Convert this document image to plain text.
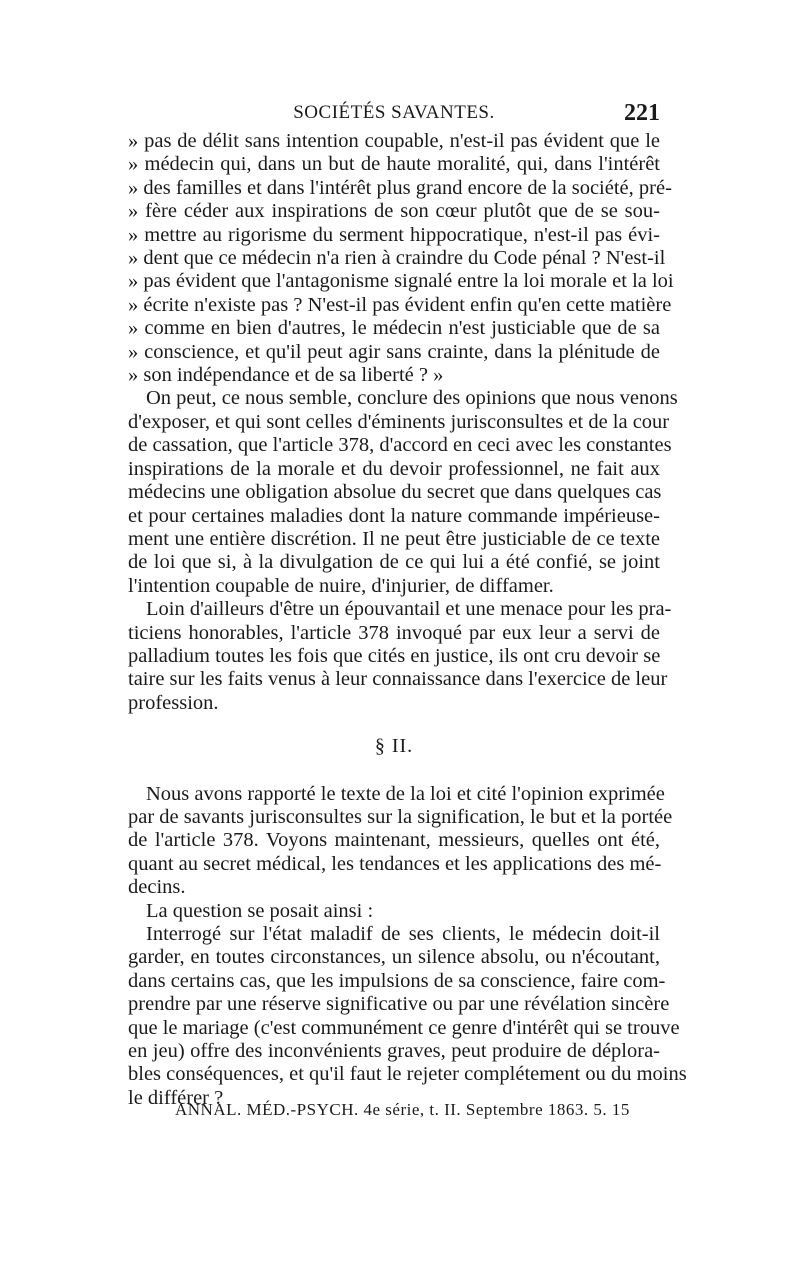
SOCIÉTÉS SAVANTES.	221
» pas de délit sans intention coupable, n'est-il pas évident que le
» médecin qui, dans un but de haute moralité, qui, dans l'intérêt
» des familles et dans l'intérêt plus grand encore de la société, pré-
» fère céder aux inspirations de son cœur plutôt que de se sou-
» mettre au rigorisme du serment hippocratique, n'est-il pas évi-
» dent que ce médecin n'a rien à craindre du Code pénal ? N'est-il
» pas évident que l'antagonisme signalé entre la loi morale et la loi
» écrite n'existe pas ? N'est-il pas évident enfin qu'en cette matière
» comme en bien d'autres, le médecin n'est justiciable que de sa
» conscience, et qu'il peut agir sans crainte, dans la plénitude de
» son indépendance et de sa liberté ? »
On peut, ce nous semble, conclure des opinions que nous venons
d'exposer, et qui sont celles d'éminents jurisconsultes et de la cour
de cassation, que l'article 378, d'accord en ceci avec les constantes
inspirations de la morale et du devoir professionnel, ne fait aux
médecins une obligation absolue du secret que dans quelques cas
et pour certaines maladies dont la nature commande impérieuse-
ment une entière discrétion. Il ne peut être justiciable de ce texte
de loi que si, à la divulgation de ce qui lui a été confié, se joint
l'intention coupable de nuire, d'injurier, de diffamer.
Loin d'ailleurs d'être un épouvantail et une menace pour les pra-
ticiens honorables, l'article 378 invoqué par eux leur a servi de
palladium toutes les fois que cités en justice, ils ont cru devoir se
taire sur les faits venus à leur connaissance dans l'exercice de leur
profession.
§ II.
Nous avons rapporté le texte de la loi et cité l'opinion exprimée
par de savants jurisconsultes sur la signification, le but et la portée
de l'article 378. Voyons maintenant, messieurs, quelles ont été,
quant au secret médical, les tendances et les applications des mé-
decins.
La question se posait ainsi :
Interrogé sur l'état maladif de ses clients, le médecin doit-il
garder, en toutes circonstances, un silence absolu, ou n'écoutant,
dans certains cas, que les impulsions de sa conscience, faire com-
prendre par une réserve significative ou par une révélation sincère
que le mariage (c'est communément ce genre d'intérêt qui se trouve
en jeu) offre des inconvénients graves, peut produire de déplora-
bles conséquences, et qu'il faut le rejeter complétement ou du moins
le différer ?
ANNAL. MÉD.-PSYCH. 4e série, t. II. Septembre 1863. 5. 15
